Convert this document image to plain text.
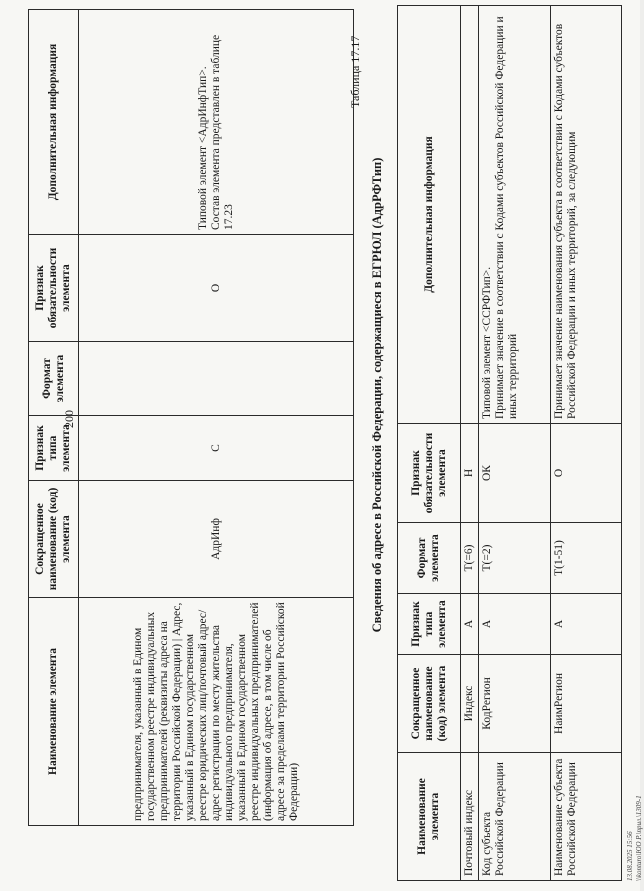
200
Наименование элемента	Сокращенное наименование (код) элемента	Признак типа элемента	Формат элемента	Признак обязательности элемента	Дополнительная информация
предпринимателя, указанный в Едином государственном реестре индивидуальных предпринимателей (реквизиты адреса на территории Российской Федерации) | Адрес, указанный в Едином государственном реестре юридических лиц/почтовый адрес/адрес регистрации по месту жительства индивидуального предпринимателя, указанный в Едином государственном реестре индивидуальных предпринимателей (информация об адресе, в том числе об адресе за пределами территории Российской Федерации)	АдрИнф	С		О	Типовой элемент <АдрИнфТип>. Состав элемента представлен в таблице 17.23
Таблица 17.17
Сведения об адресе в Российской Федерации, содержащиеся в ЕГРЮЛ (АдрРФТип)
Наименование элемента	Сокращенное наименование (код) элемента	Признак типа элемента	Формат элемента	Признак обязательности элемента	Дополнительная информация
Почтовый индекс	Индекс	А	T(=6)	Н	
Код субъекта Российской Федерации	КодРегион	А	T(=2)	ОК	Типовой элемент <ССРФТип>. Принимает значение в соответствии с Кодами субъектов Российской Федерации и иных территорий

Наименование субъекта Российской Федерации	НаимРегион	А	T(1-51)	О	Принимает значение наименования субъекта в соответствии с Кодами субъектов Российской Федерации и иных территорий, за следующим
13.08.2025 15:56 \\konturo\ЮО Р.\прил.\1309-1
